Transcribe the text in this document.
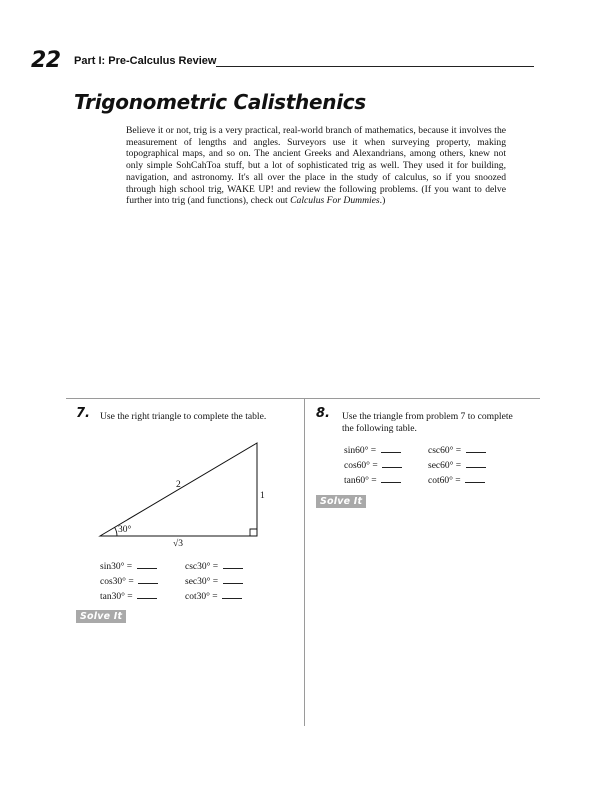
22 Part I: Pre-Calculus Review
Trigonometric Calisthenics
Believe it or not, trig is a very practical, real-world branch of mathematics, because it involves the measurement of lengths and angles. Surveyors use it when surveying property, making topographical maps, and so on. The ancient Greeks and Alexandrians, among others, knew not only simple SohCahToa stuff, but a lot of sophisticated trig as well. They used it for building, navigation, and astronomy. It's all over the place in the study of calculus, so if you snoozed through high school trig, WAKE UP! and review the following problems. (If you want to delve further into trig (and functions), check out Calculus For Dummies.)
7. Use the right triangle to complete the table.
2
1
30°
√3
sin30° =	csc30° =
cos30° =	sec30° =
tan30° =	cot30° =
Solve It
8. Use the triangle from problem 7 to complete the following table.
sin60° =	csc60° =
cos60° =	sec60° =
tan60° =	cot60° =
Solve It
